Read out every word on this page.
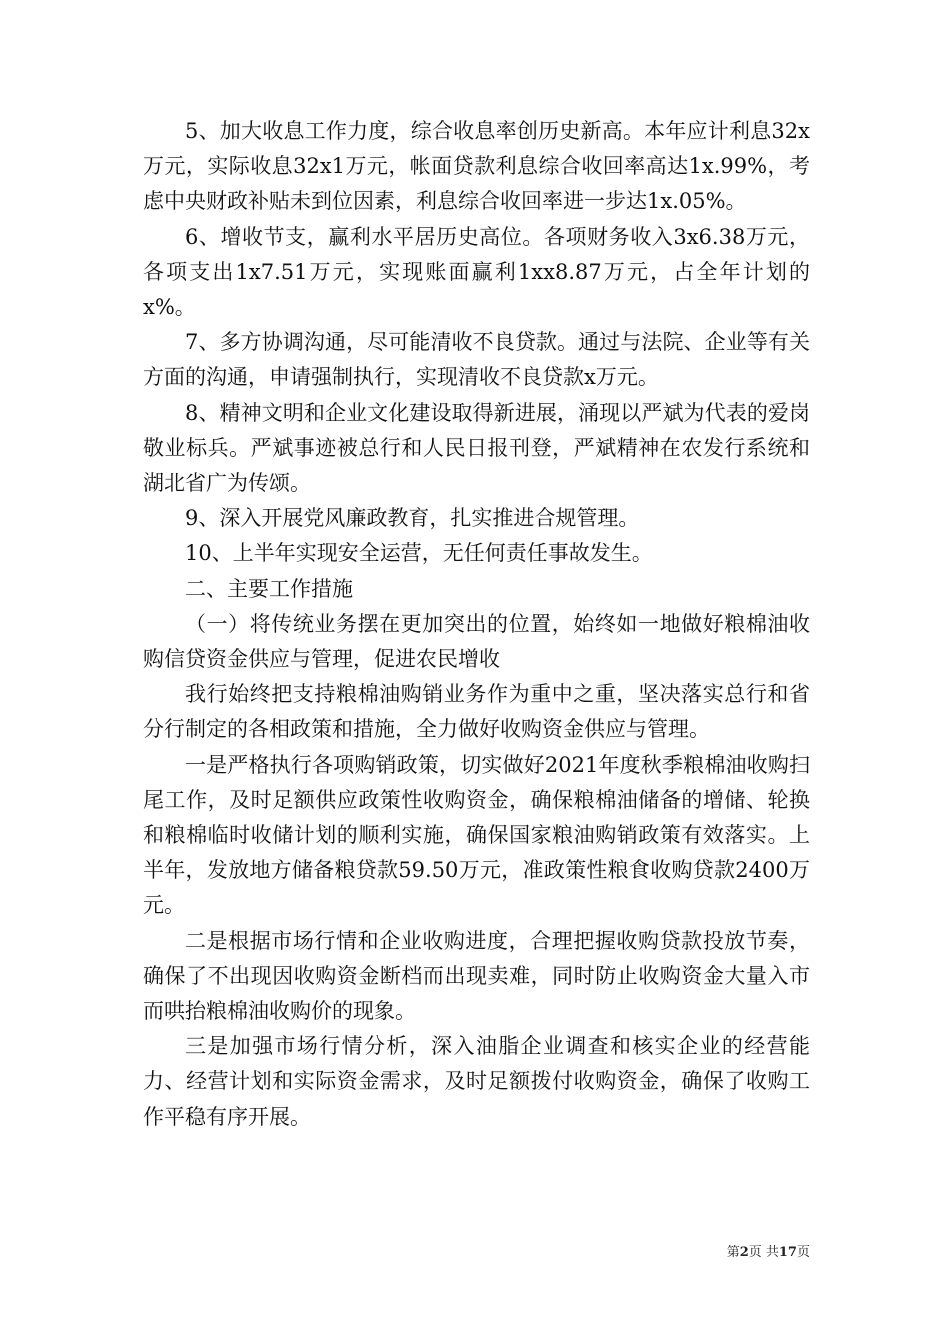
5、加大收息工作力度，综合收息率创历史新高。本年应计利息32x万元，实际收息32x1万元，帐面贷款利息综合收回率高达1x.99%，考虑中央财政补贴未到位因素，利息综合收回率进一步达1x.05%。

6、增收节支，赢利水平居历史高位。各项财务收入3x6.38万元，各项支出1x7.51万元，实现账面赢利1xx8.87万元，占全年计划的x%。

7、多方协调沟通，尽可能清收不良贷款。通过与法院、企业等有关方面的沟通，申请强制执行，实现清收不良贷款x万元。

8、精神文明和企业文化建设取得新进展，涌现以严斌为代表的爱岗敬业标兵。严斌事迹被总行和人民日报刊登，严斌精神在农发行系统和湖北省广为传颂。

9、深入开展党风廉政教育，扎实推进合规管理。

10、上半年实现安全运营，无任何责任事故发生。

二、主要工作措施

（一）将传统业务摆在更加突出的位置，始终如一地做好粮棉油收购信贷资金供应与管理，促进农民增收

我行始终把支持粮棉油购销业务作为重中之重，坚决落实总行和省分行制定的各相政策和措施，全力做好收购资金供应与管理。

一是严格执行各项购销政策，切实做好2021年度秋季粮棉油收购扫尾工作，及时足额供应政策性收购资金，确保粮棉油储备的增储、轮换和粮棉临时收储计划的顺利实施，确保国家粮油购销政策有效落实。上半年，发放地方储备粮贷款59.50万元，准政策性粮食收购贷款2400万元。

二是根据市场行情和企业收购进度，合理把握收购贷款投放节奏，确保了不出现因收购资金断档而出现卖难，同时防止收购资金大量入市而哄抬粮棉油收购价的现象。

三是加强市场行情分析，深入油脂企业调查和核实企业的经营能力、经营计划和实际资金需求，及时足额拨付收购资金，确保了收购工作平稳有序开展。

第2页 共17页
